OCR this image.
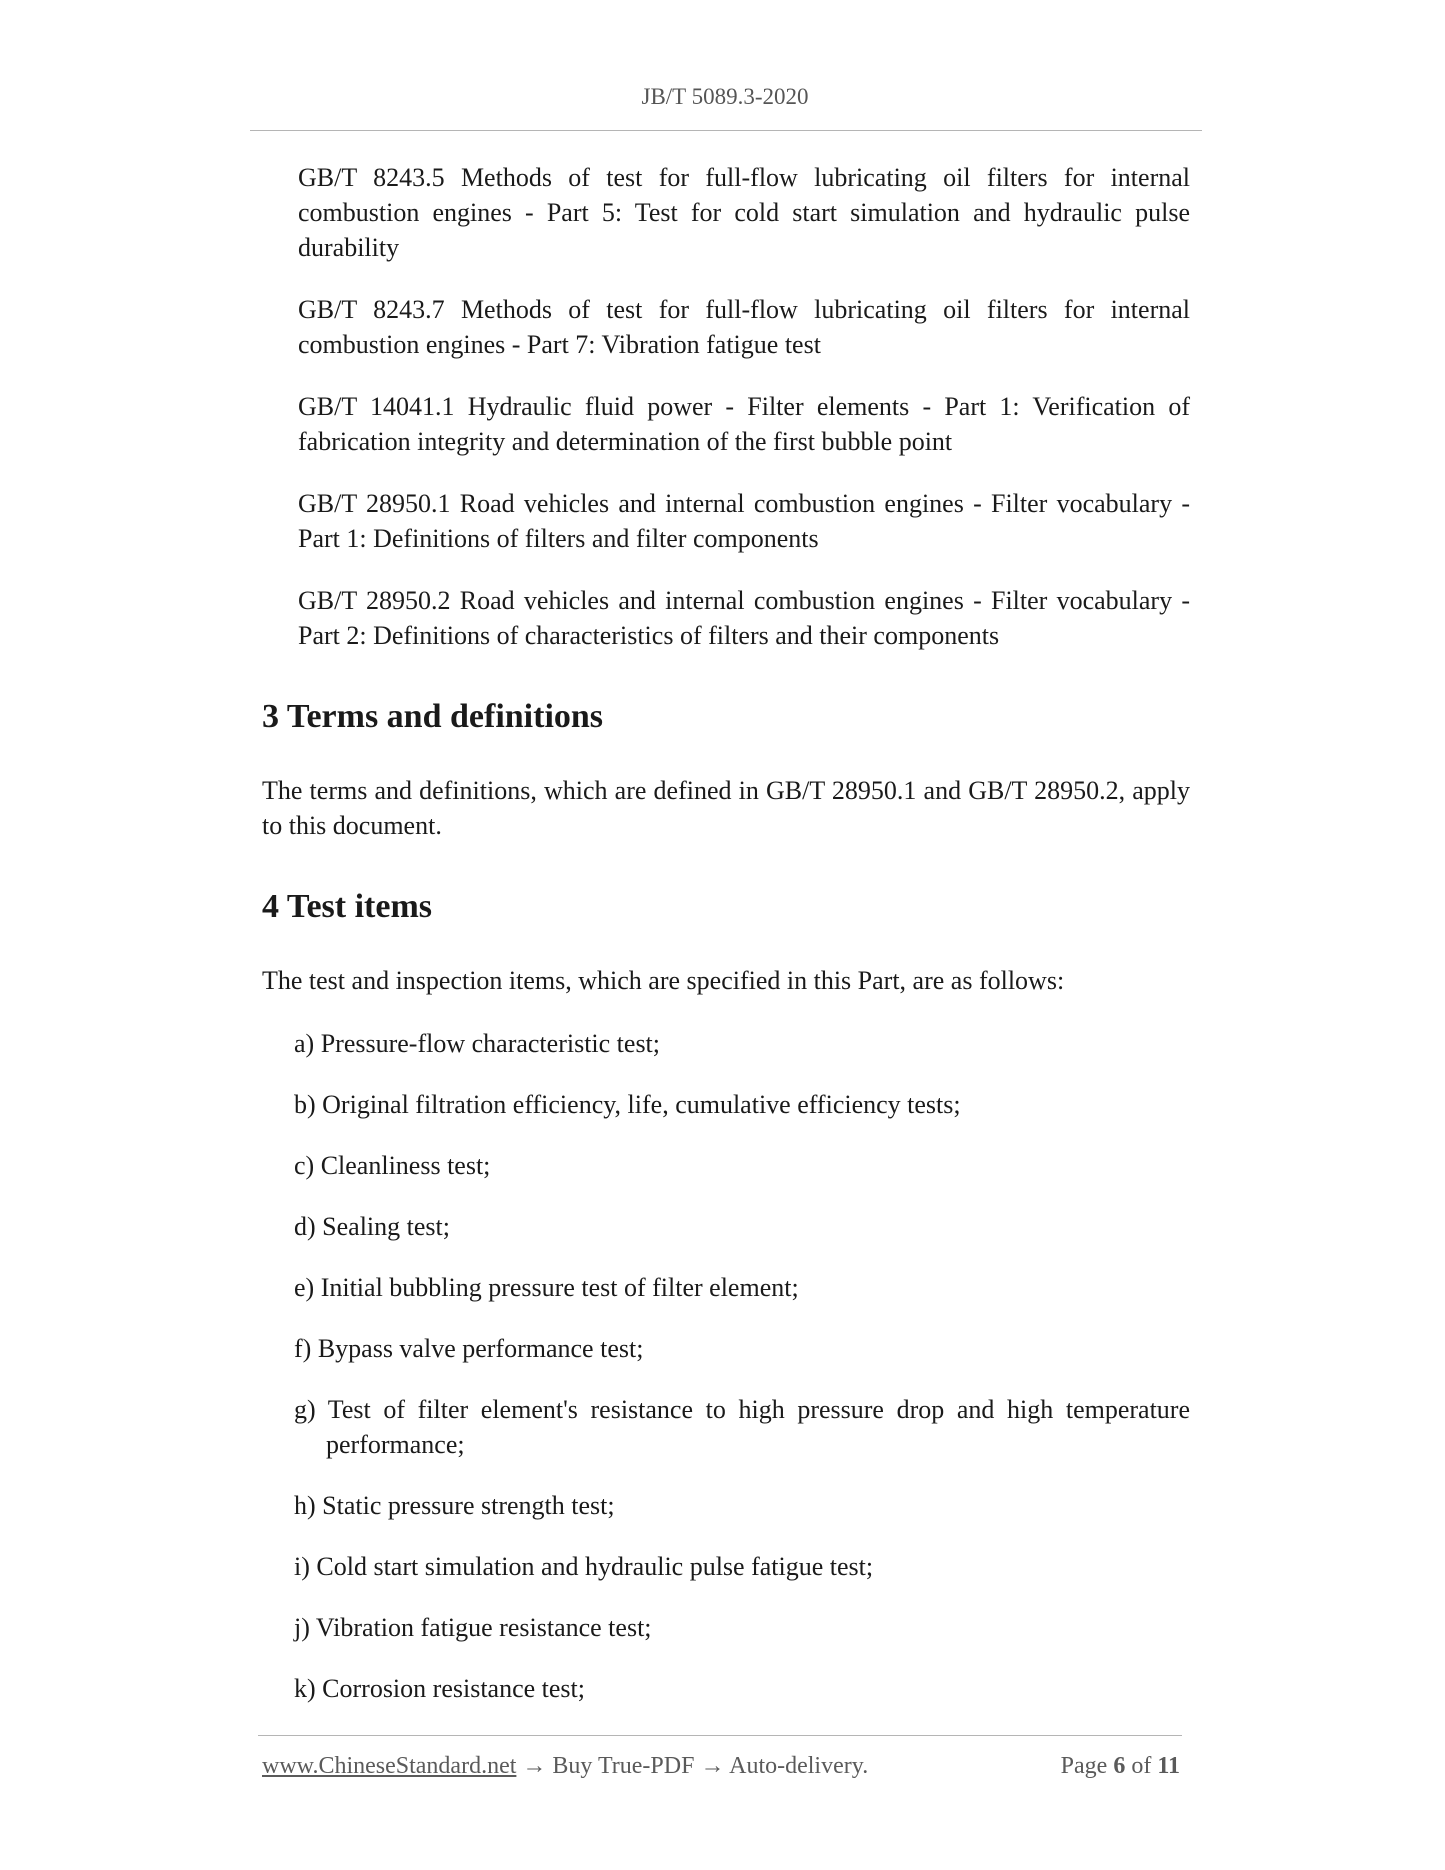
JB/T 5089.3-2020

GB/T 8243.5 Methods of test for full-flow lubricating oil filters for internal combustion engines - Part 5: Test for cold start simulation and hydraulic pulse durability

GB/T 8243.7 Methods of test for full-flow lubricating oil filters for internal combustion engines - Part 7: Vibration fatigue test

GB/T 14041.1 Hydraulic fluid power - Filter elements - Part 1: Verification of fabrication integrity and determination of the first bubble point

GB/T 28950.1 Road vehicles and internal combustion engines - Filter vocabulary - Part 1: Definitions of filters and filter components

GB/T 28950.2 Road vehicles and internal combustion engines - Filter vocabulary - Part 2: Definitions of characteristics of filters and their components

3 Terms and definitions

The terms and definitions, which are defined in GB/T 28950.1 and GB/T 28950.2, apply to this document.

4 Test items

The test and inspection items, which are specified in this Part, are as follows:

a) Pressure-flow characteristic test;
b) Original filtration efficiency, life, cumulative efficiency tests;
c) Cleanliness test;
d) Sealing test;
e) Initial bubbling pressure test of filter element;
f) Bypass valve performance test;
g) Test of filter element's resistance to high pressure drop and high temperature performance;
h) Static pressure strength test;
i) Cold start simulation and hydraulic pulse fatigue test;
j) Vibration fatigue resistance test;
k) Corrosion resistance test;
www.ChineseStandard.net → Buy True-PDF → Auto-delivery.	Page 6 of 11
